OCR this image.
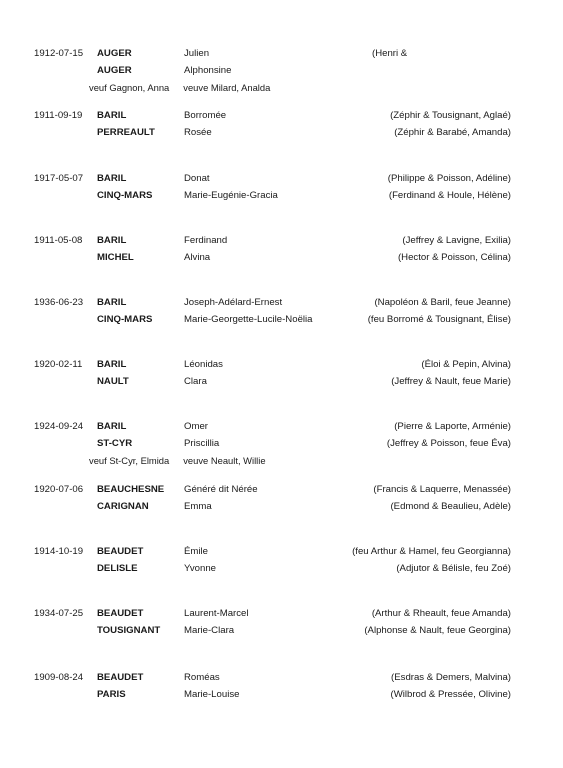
1912-07-15 AUGER	Julien	(Henri &
AUGER	Alphonsine
veuf Gagnon, Anna veuve Milard, Analda
1911-09-19 BARIL	Borromée	(Zéphir & Tousignant, Aglaé)
PERREAULT	Rosée	(Zéphir & Barabé, Amanda)
1917-05-07 BARIL	Donat	(Philippe & Poisson, Adéline)
CINQ-MARS	Marie-Eugénie-Gracia	(Ferdinand & Houle, Hélène)
1911-05-08 BARIL	Ferdinand	(Jeffrey & Lavigne, Exilia)
MICHEL	Alvina	(Hector & Poisson, Célina)
1936-06-23 BARIL	Joseph-Adélard-Ernest	(Napoléon & Baril, feue Jeanne)
CINQ-MARS	Marie-Georgette-Lucile-Noëlia	(feu Borromé & Tousignant, Élise)
1920-02-11 BARIL	Léonidas	(Éloi & Pepin, Alvina)
NAULT	Clara	(Jeffrey & Nault, feue Marie)
1924-09-24 BARIL	Omer	(Pierre & Laporte, Arménie)
ST-CYR	Priscillia	(Jeffrey & Poisson, feue Éva)
veuf St-Cyr, Elmida veuve Neault, Willie
1920-07-06 BEAUCHESNE Généré dit Nérée	(Francis & Laquerre, Menassée)
CARIGNAN	Emma	(Edmond & Beaulieu, Adèle)
1914-10-19 BEAUDET	Émile	(feu Arthur & Hamel, feu Georgianna)
DELISLE	Yvonne	(Adjutor & Bélisle, feu Zoé)
1934-07-25 BEAUDET	Laurent-Marcel	(Arthur & Rheault, feue Amanda)
TOUSIGNANT Marie-Clara	(Alphonse & Nault, feue Georgina)
1909-08-24 BEAUDET	Roméas	(Esdras & Demers, Malvina)
PARIS	Marie-Louise	(Wilbrod & Pressée, Olivine)
